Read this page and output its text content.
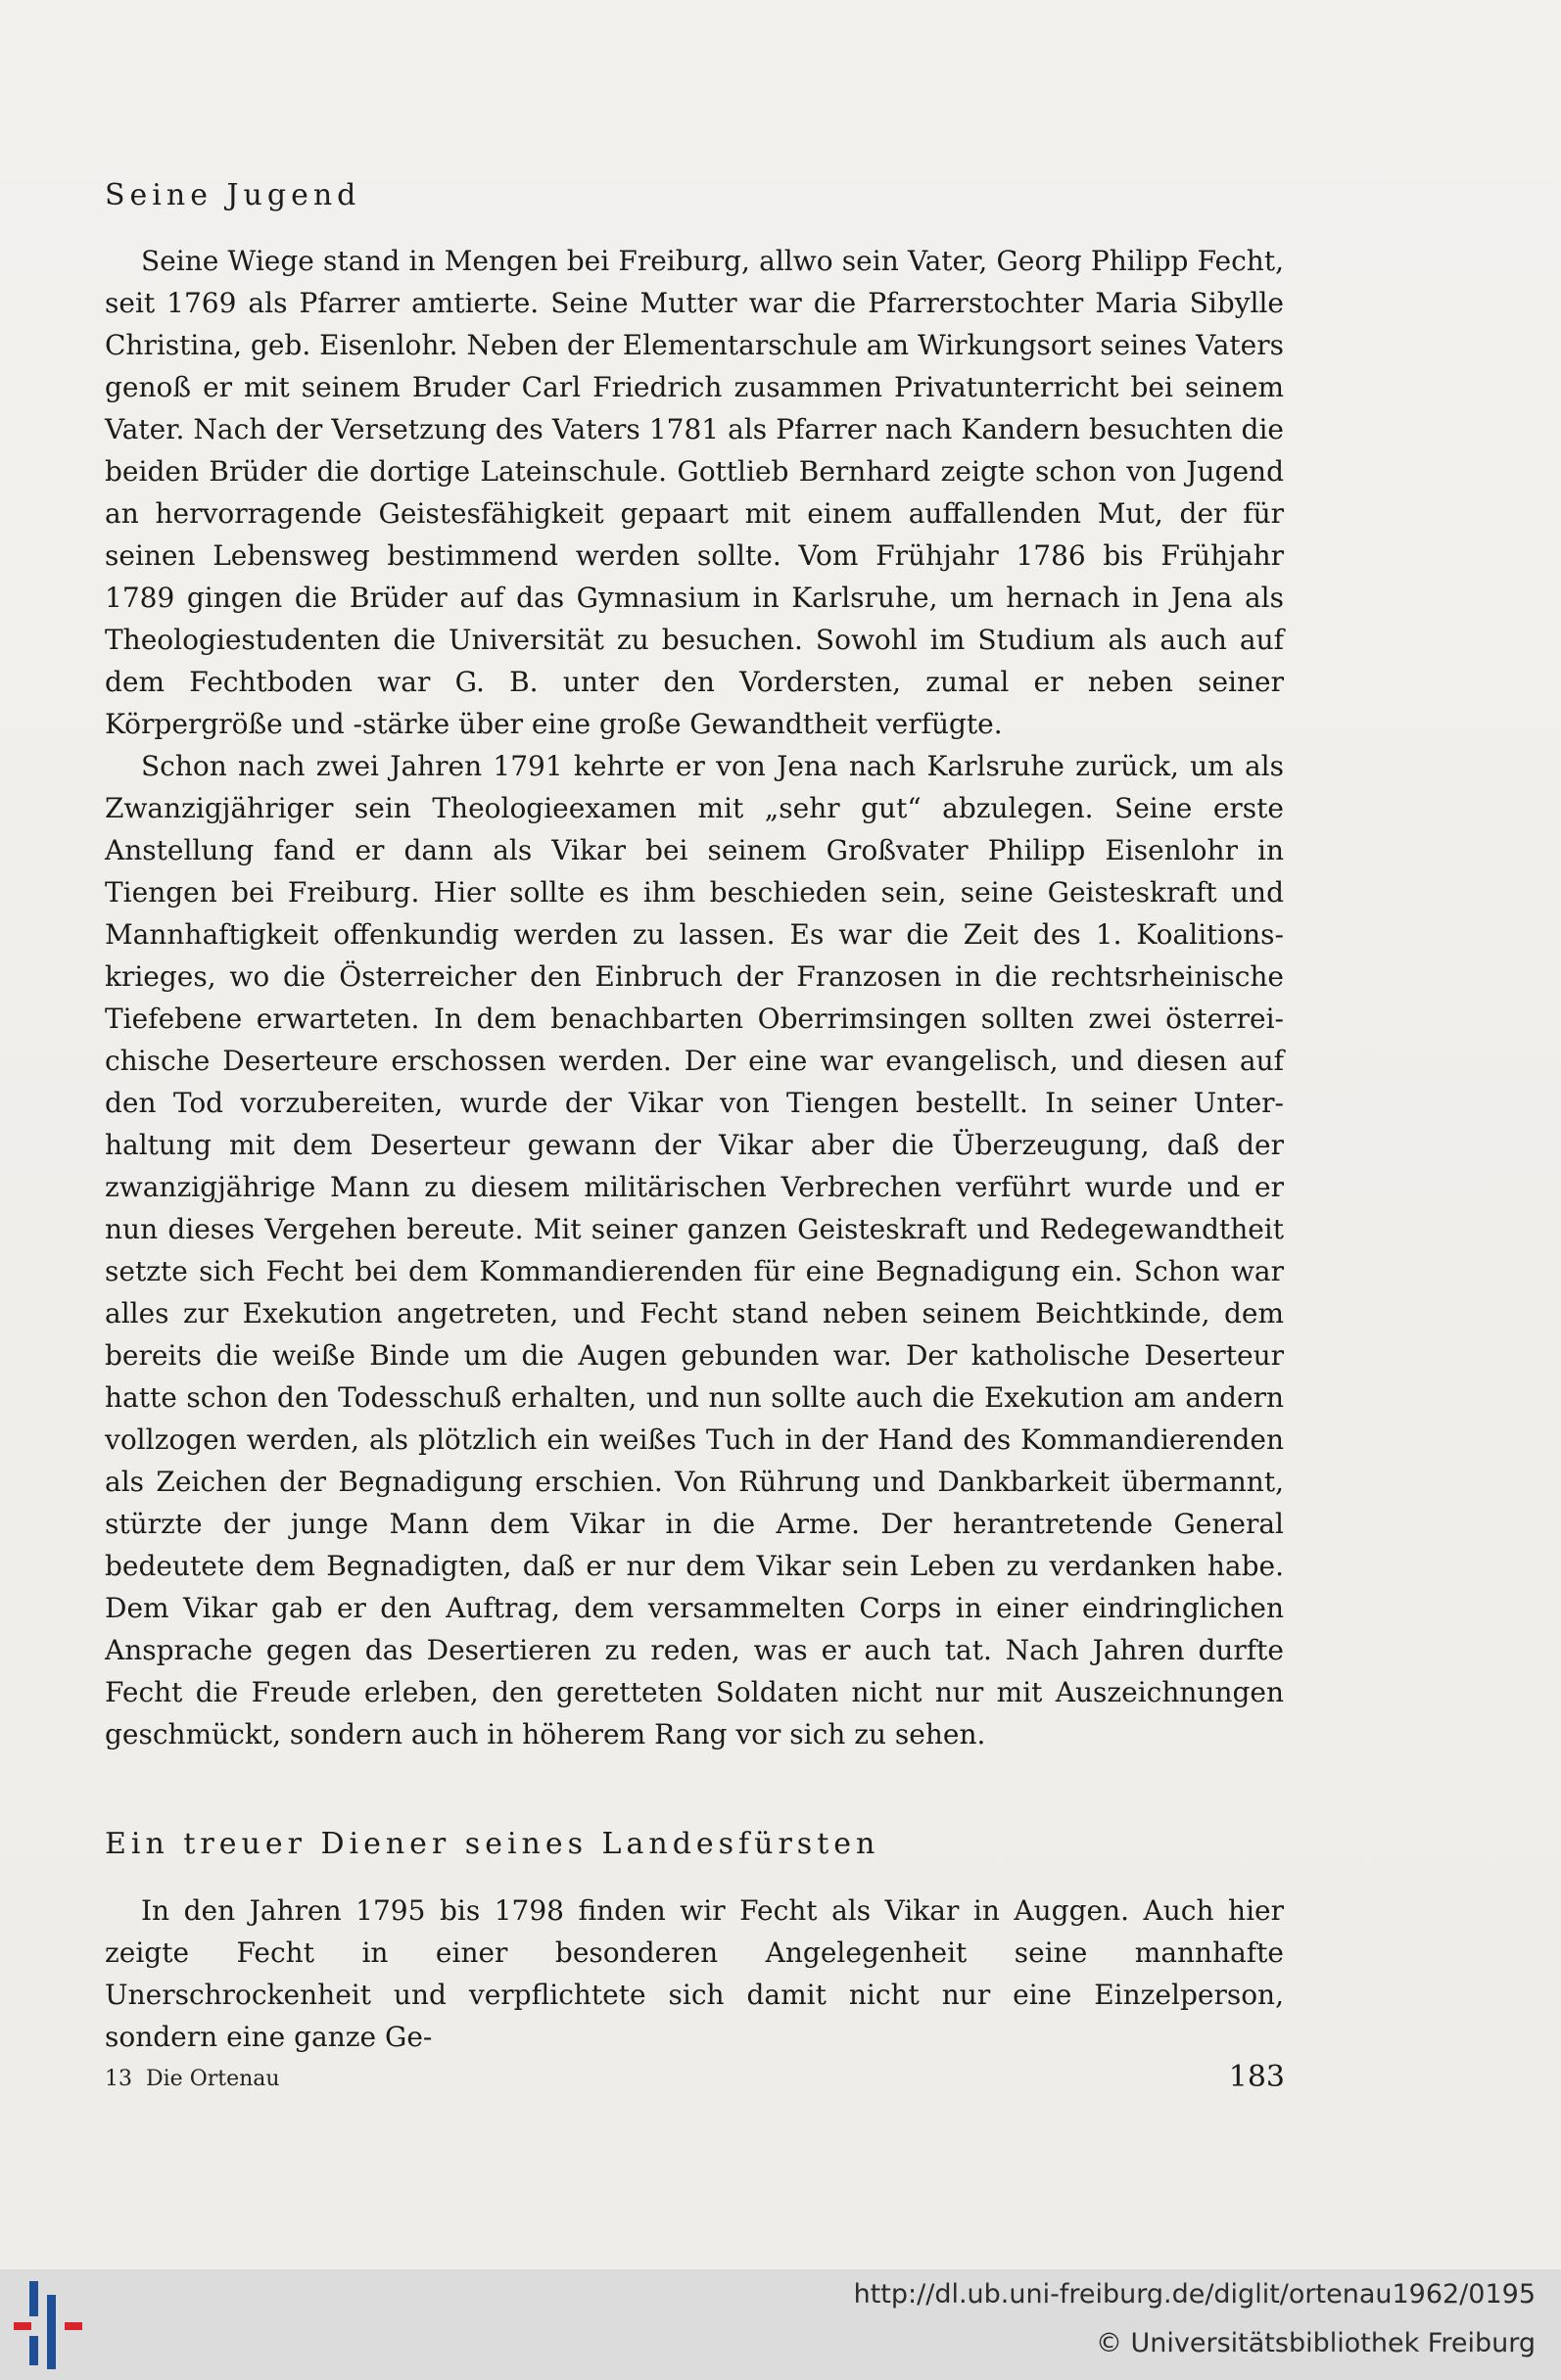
Seine Jugend

Seine Wiege stand in Mengen bei Freiburg, allwo sein Vater, Georg Philipp Fecht, seit 1769 als Pfarrer amtierte. Seine Mutter war die Pfarrerstochter Maria Sibylle Christina, geb. Eisenlohr. Neben der Elementarschule am Wirkungsort seines Vaters genoß er mit seinem Bruder Carl Friedrich zusammen Privatunterricht bei seinem Vater. Nach der Versetzung des Vaters 1781 als Pfarrer nach Kandern besuchten die beiden Brüder die dortige Lateinschule. Gottlieb Bernhard zeigte schon von Jugend an hervorragende Geistesfähigkeit gepaart mit einem auffallenden Mut, der für seinen Lebensweg bestimmend werden sollte. Vom Frühjahr 1786 bis Frühjahr 1789 gingen die Brüder auf das Gymnasium in Karlsruhe, um hernach in Jena als Theologiestudenten die Universität zu besuchen. Sowohl im Studium als auch auf dem Fechtboden war G. B. unter den Vordersten, zumal er neben seiner Körpergröße und -stärke über eine große Gewandtheit verfügte.

Schon nach zwei Jahren 1791 kehrte er von Jena nach Karlsruhe zurück, um als Zwanzigjähriger sein Theologieexamen mit „sehr gut“ abzulegen. Seine erste Anstellung fand er dann als Vikar bei seinem Großvater Philipp Eisenlohr in Tiengen bei Freiburg. Hier sollte es ihm beschieden sein, seine Geisteskraft und Mannhaftigkeit offenkundig werden zu lassen. Es war die Zeit des 1. Koalitionskrieges, wo die Österreicher den Einbruch der Franzosen in die rechtsrheinische Tiefebene erwarteten. In dem benachbarten Oberrimsingen sollten zwei österreichische Deserteure erschossen werden. Der eine war evangelisch, und diesen auf den Tod vorzubereiten, wurde der Vikar von Tiengen bestellt. In seiner Unterhaltung mit dem Deserteur gewann der Vikar aber die Überzeugung, daß der zwanzigjährige Mann zu diesem militärischen Verbrechen verführt wurde und er nun dieses Vergehen bereute. Mit seiner ganzen Geisteskraft und Redegewandtheit setzte sich Fecht bei dem Kommandierenden für eine Begnadigung ein. Schon war alles zur Exekution angetreten, und Fecht stand neben seinem Beichtkinde, dem bereits die weiße Binde um die Augen gebunden war. Der katholische Deserteur hatte schon den Todesschuß erhalten, und nun sollte auch die Exekution am andern vollzogen werden, als plötzlich ein weißes Tuch in der Hand des Kommandierenden als Zeichen der Begnadigung erschien. Von Rührung und Dankbarkeit übermannt, stürzte der junge Mann dem Vikar in die Arme. Der herantretende General bedeutete dem Begnadigten, daß er nur dem Vikar sein Leben zu verdanken habe. Dem Vikar gab er den Auftrag, dem versammelten Corps in einer eindringlichen Ansprache gegen das Desertieren zu reden, was er auch tat. Nach Jahren durfte Fecht die Freude erleben, den geretteten Soldaten nicht nur mit Auszeichnungen geschmückt, sondern auch in höherem Rang vor sich zu sehen.

Ein treuer Diener seines Landesfürsten

In den Jahren 1795 bis 1798 finden wir Fecht als Vikar in Auggen. Auch hier zeigte Fecht in einer besonderen Angelegenheit seine mannhafte Unerschrockenheit und verpflichtete sich damit nicht nur eine Einzelperson, sondern eine ganze Ge-

13 Die Ortenau	183
http://dl.ub.uni-freiburg.de/diglit/ortenau1962/0195
© Universitätsbibliothek Freiburg
